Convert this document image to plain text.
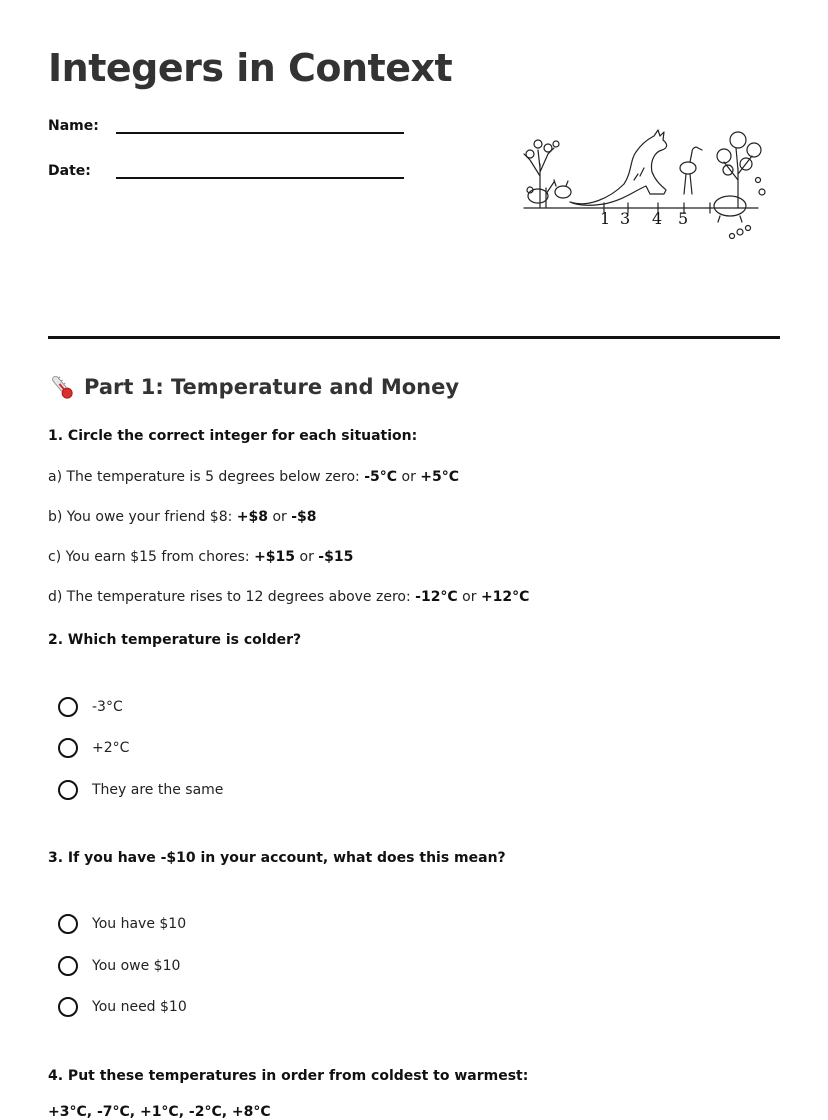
Integers in Context
Name:
Date:
1 3 4 5
Part 1: Temperature and Money

1. Circle the correct integer for each situation:

a) The temperature is 5 degrees below zero: -5°C or +5°C

b) You owe your friend $8: +$8 or -$8

c) You earn $15 from chores: +$15 or -$15

d) The temperature rises to 12 degrees above zero: -12°C or +12°C

2. Which temperature is colder?

-3°C
+2°C
They are the same

3. If you have -$10 in your account, what does this mean?

You have $10
You owe $10
You need $10

4. Put these temperatures in order from coldest to warmest:

+3°C, -7°C, +1°C, -2°C, +8°C
